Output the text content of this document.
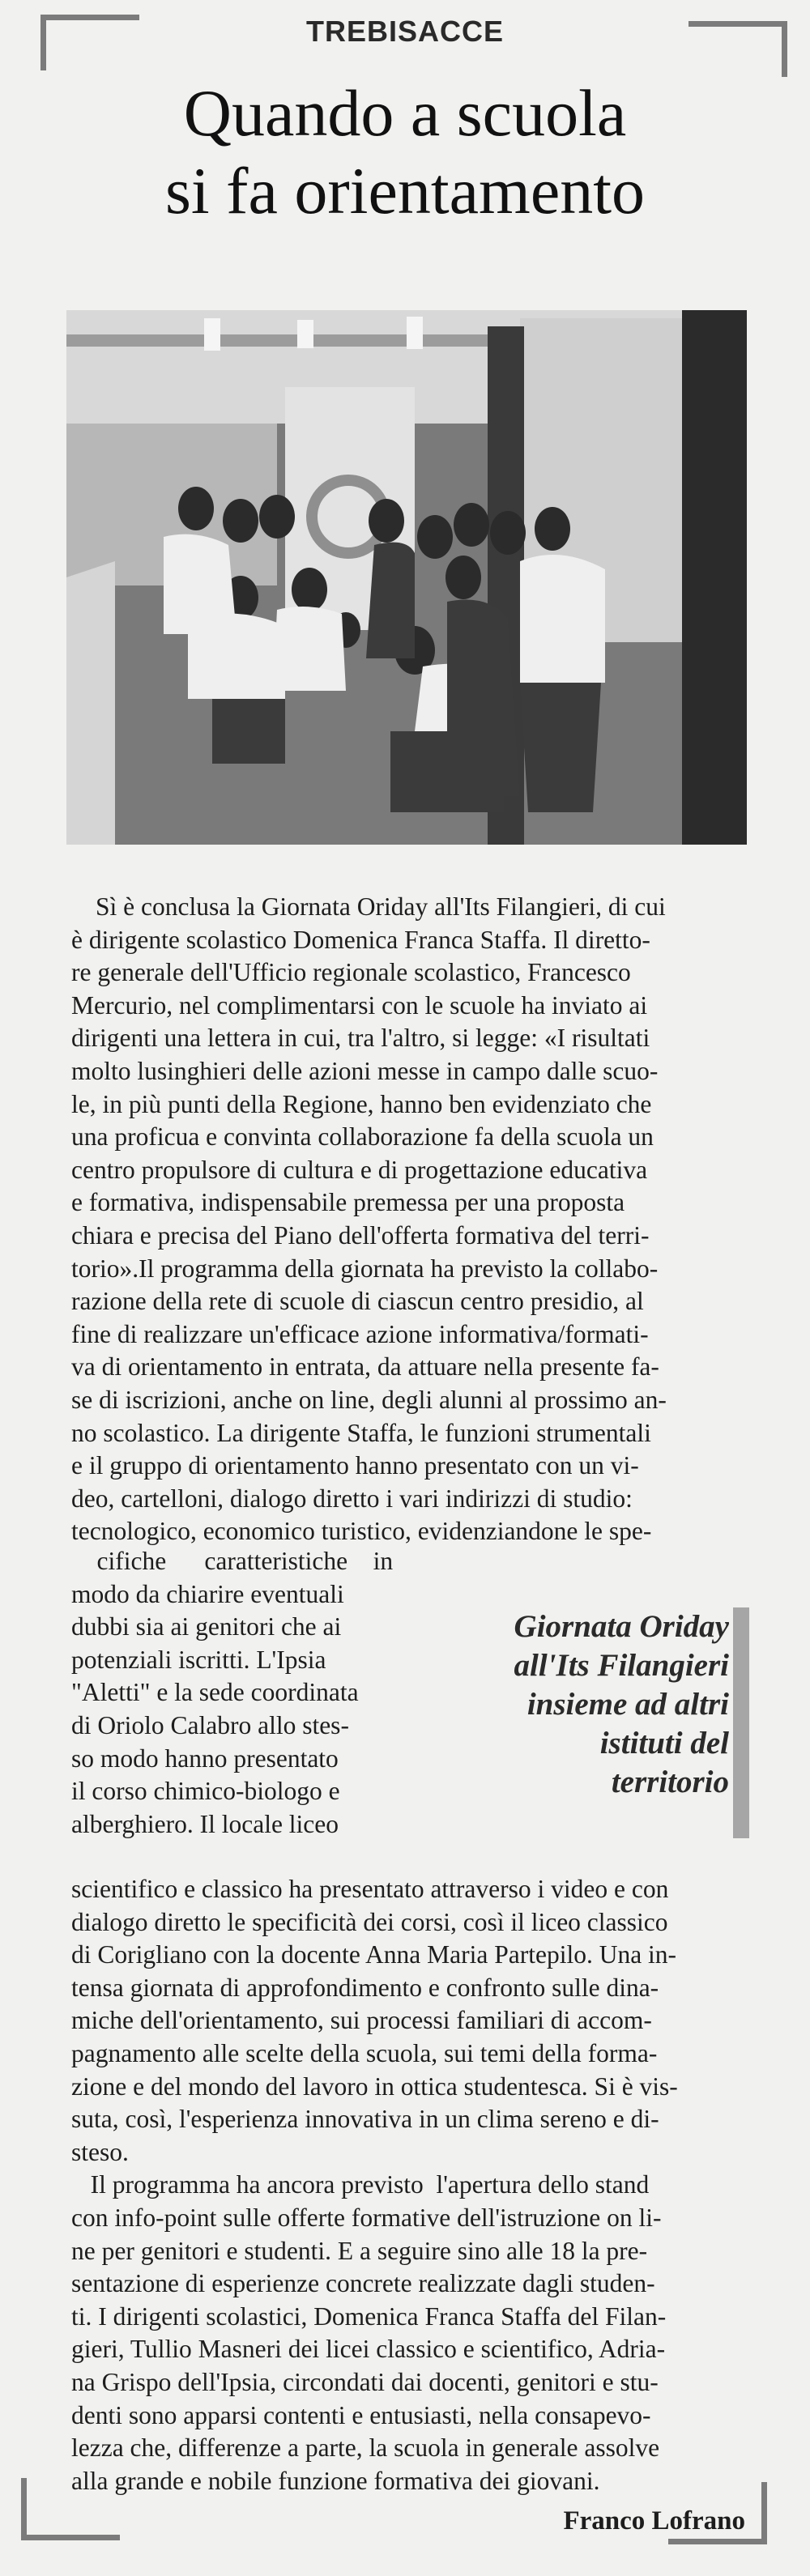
TREBISACCE
Quando a scuola
si fa orientamento
Sì è conclusa la Giornata Oriday all'Its Filangieri, di cui
è dirigente scolastico Domenica Franca Staffa. Il diretto-
re generale dell'Ufficio regionale scolastico, Francesco
Mercurio, nel complimentarsi con le scuole ha inviato ai
dirigenti una lettera in cui, tra l'altro, si legge: «I risultati
molto lusinghieri delle azioni messe in campo dalle scuo-
le, in più punti della Regione, hanno ben evidenziato che
una proficua e convinta collaborazione fa della scuola un
centro propulsore di cultura e di progettazione educativa
e formativa, indispensabile premessa per una proposta
chiara e precisa del Piano dell'offerta formativa del terri-
torio».Il programma della giornata ha previsto la collabo-
razione della rete di scuole di ciascun centro presidio, al
fine di realizzare un'efficace azione informativa/formati-
va di orientamento in entrata, da attuare nella presente fa-
se di iscrizioni, anche on line, degli alunni al prossimo an-
no scolastico. La dirigente Staffa, le funzioni strumentali
e il gruppo di orientamento hanno presentato con un vi-
deo, cartelloni, dialogo diretto i vari indirizzi di studio:
tecnologico, economico turistico, evidenziandone le spe-
cifiche      caratteristiche    in
modo da chiarire eventuali
dubbi sia ai genitori che ai
potenziali iscritti. L'Ipsia
"Aletti" e la sede coordinata
di Oriolo Calabro allo stes-
so modo hanno presentato
il corso chimico-biologo e
alberghiero. Il locale liceo
Giornata Oriday
all'Its Filangieri
insieme ad altri
istituti del
territorio
scientifico e classico ha presentato attraverso i video e con
dialogo diretto le specificità dei corsi, così il liceo classico
di Corigliano con la docente Anna Maria Partepilo. Una in-
tensa giornata di approfondimento e confronto sulle dina-
miche dell'orientamento, sui processi familiari di accom-
pagnamento alle scelte della scuola, sui temi della forma-
zione e del mondo del lavoro in ottica studentesca. Si è vis-
suta, così, l'esperienza innovativa in un clima sereno e di-
steso.
Il programma ha ancora previsto  l'apertura dello stand
con info-point sulle offerte formative dell'istruzione on li-
ne per genitori e studenti. E a seguire sino alle 18 la pre-
sentazione di esperienze concrete realizzate dagli studen-
ti. I dirigenti scolastici, Domenica Franca Staffa del Filan-
gieri, Tullio Masneri dei licei classico e scientifico, Adria-
na Grispo dell'Ipsia, circondati dai docenti, genitori e stu-
denti sono apparsi contenti e entusiasti, nella consapevo-
lezza che, differenze a parte, la scuola in generale assolve
alla grande e nobile funzione formativa dei giovani.
Franco Lofrano
